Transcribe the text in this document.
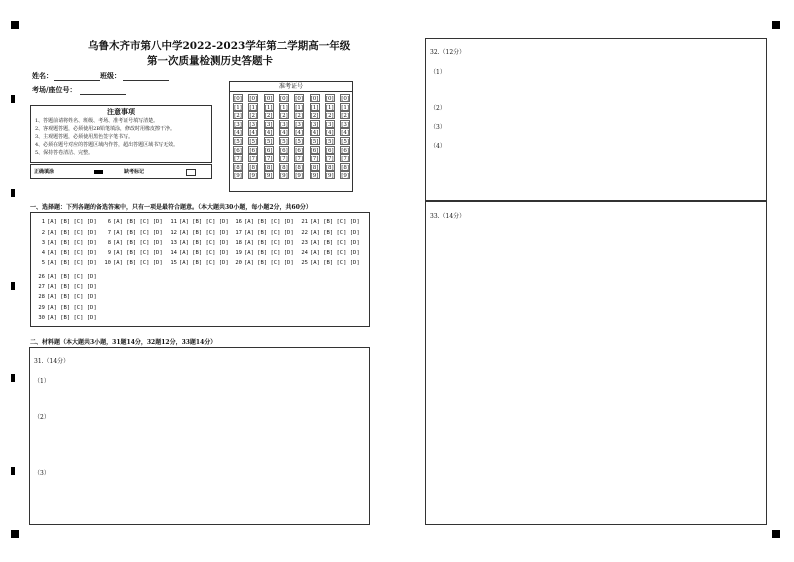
乌鲁木齐市第八中学2022-2023学年第二学期高一年级
第一次质量检测历史答题卡
姓名：	班级：
考场/座位号：
注意事项
1、答题前请将姓名、班级、考场、准考证号填写清楚。
2、客观题答题，必须使用2B铅笔填涂，修改时用橡皮擦干净。
3、主观题答题，必须使用黑色签字笔书写。
4、必须在题号对应的答题区域内作答，超出答题区域书写无效。
5、保持答卷清洁、完整。
正确填涂	缺考标记
准考证号
[0]
[1]
[2]
[3]
[4]
[5]
[6]
[7]
[8]
[9]
[0]
[1]
[2]
[3]
[4]
[5]
[6]
[7]
[8]
[9]
[0]
[1]
[2]
[3]
[4]
[5]
[6]
[7]
[8]
[9]
[0]
[1]
[2]
[3]
[4]
[5]
[6]
[7]
[8]
[9]
[0]
[1]
[2]
[3]
[4]
[5]
[6]
[7]
[8]
[9]
[0]
[1]
[2]
[3]
[4]
[5]
[6]
[7]
[8]
[9]
[0]
[1]
[2]
[3]
[4]
[5]
[6]
[7]
[8]
[9]
[0]
[1]
[2]
[3]
[4]
[5]
[6]
[7]
[8]
[9]
一、选择题：下列各题的备选答案中，只有一项是最符合题意。（本大题共30小题，每小题2分，共60分）
1 [A] [B] [C] [D]
2 [A] [B] [C] [D]
3 [A] [B] [C] [D]
4 [A] [B] [C] [D]
5 [A] [B] [C] [D]
6 [A] [B] [C] [D]
7 [A] [B] [C] [D]
8 [A] [B] [C] [D]
9 [A] [B] [C] [D]
10 [A] [B] [C] [D]
11 [A] [B] [C] [D]
12 [A] [B] [C] [D]
13 [A] [B] [C] [D]
14 [A] [B] [C] [D]
15 [A] [B] [C] [D]
16 [A] [B] [C] [D]
17 [A] [B] [C] [D]
18 [A] [B] [C] [D]
19 [A] [B] [C] [D]
20 [A] [B] [C] [D]
21 [A] [B] [C] [D]
22 [A] [B] [C] [D]
23 [A] [B] [C] [D]
24 [A] [B] [C] [D]
25 [A] [B] [C] [D]
26 [A] [B] [C] [D]
27 [A] [B] [C] [D]
28 [A] [B] [C] [D]
29 [A] [B] [C] [D]
30 [A] [B] [C] [D]
二、材料题（本大题共3小题，31题14分，32题12分，33题14分）
31.（14分）
（1）
（2）
（3）
32.（12分）
（1）
（2）
（3）
（4）
33.（14分）
